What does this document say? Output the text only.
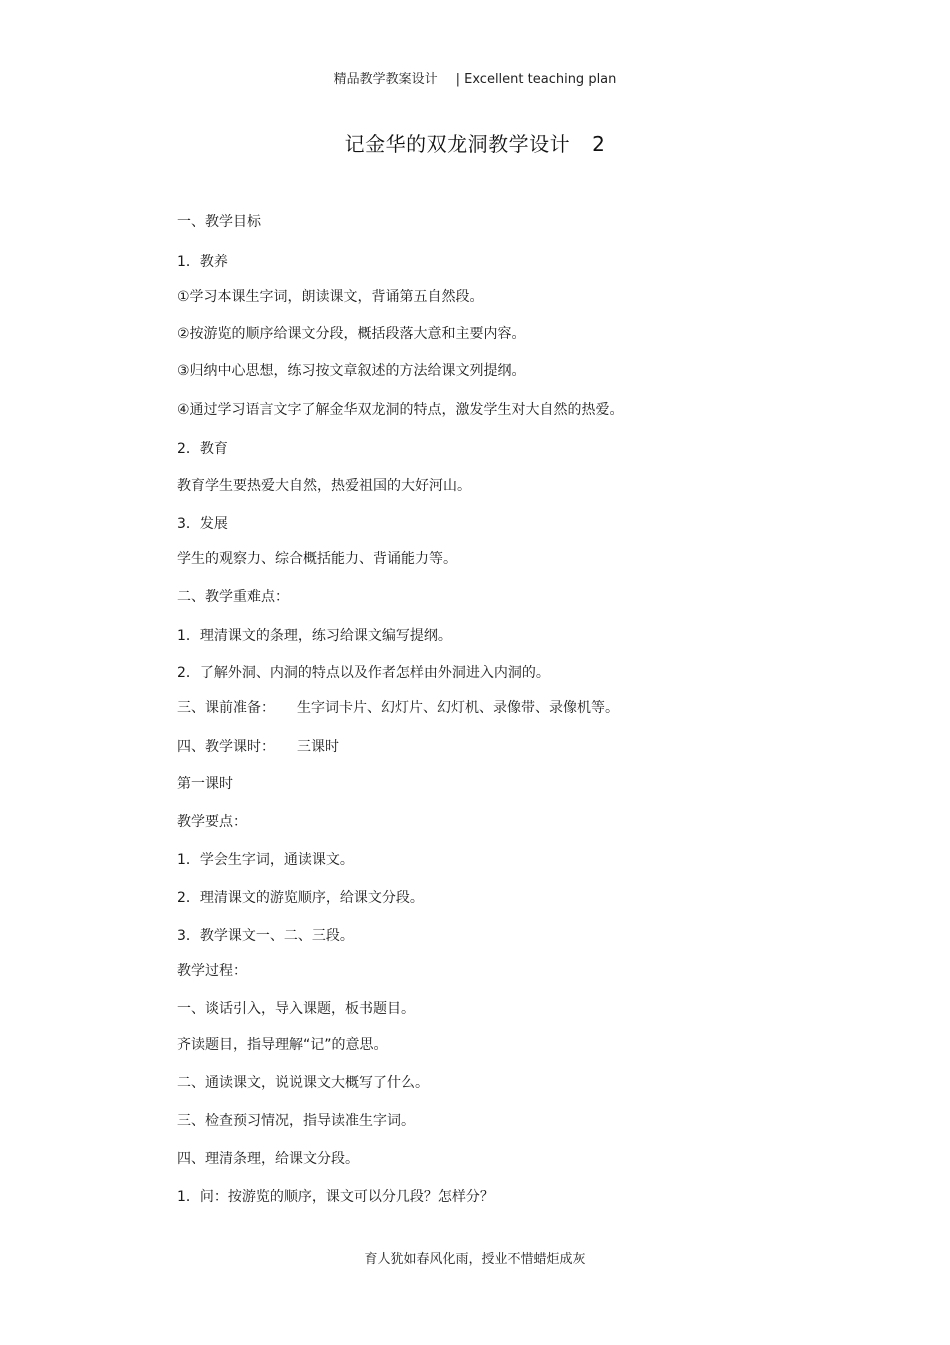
精品教学教案设计 | Excellent teaching plan
记金华的双龙洞教学设计 2
一、教学目标
1．教养
①学习本课生字词，朗读课文，背诵第五自然段。
②按游览的顺序给课文分段，概括段落大意和主要内容。
③归纳中心思想，练习按文章叙述的方法给课文列提纲。
④通过学习语言文字了解金华双龙洞的特点，激发学生对大自然的热爱。
2．教育
教育学生要热爱大自然，热爱祖国的大好河山。
3．发展
学生的观察力、综合概括能力、背诵能力等。
二、教学重难点：
1．理清课文的条理，练习给课文编写提纲。
2．了解外洞、内洞的特点以及作者怎样由外洞进入内洞的。
三、课前准备： 生字词卡片、幻灯片、幻灯机、录像带、录像机等。
四、教学课时： 三课时
第一课时
教学要点：
1．学会生字词，通读课文。
2．理清课文的游览顺序，给课文分段。
3．教学课文一、二、三段。
教学过程：
一、谈话引入，导入课题，板书题目。
齐读题目，指导理解“记”的意思。
二、通读课文，说说课文大概写了什么。
三、检查预习情况，指导读准生字词。
四、理清条理，给课文分段。
1．问：按游览的顺序，课文可以分几段？怎样分？
育人犹如春风化雨，授业不惜蜡炬成灰
